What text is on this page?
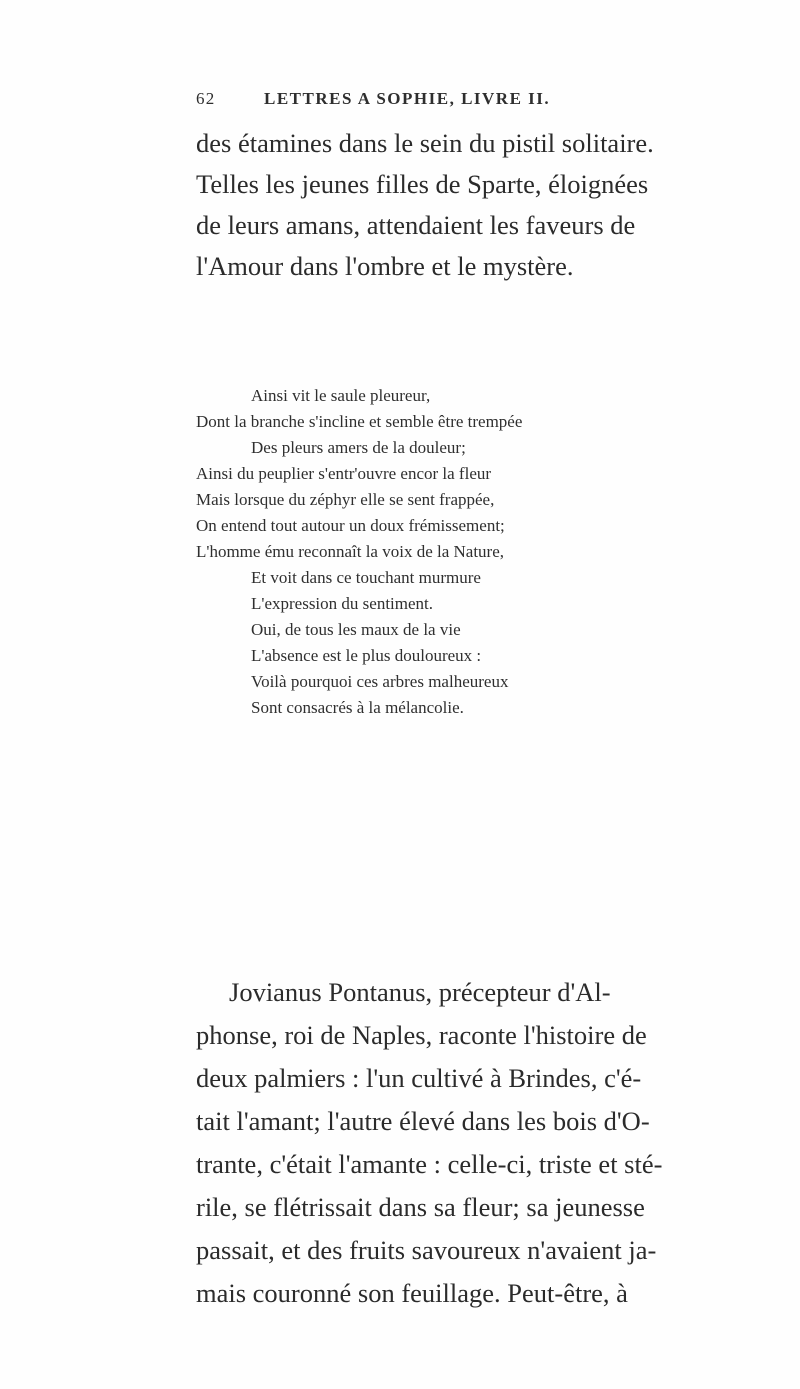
62	LETTRES A SOPHIE, LIVRE II.
des étamines dans le sein du pistil solitaire.
Telles les jeunes filles de Sparte, éloignées
de leurs amans, attendaient les faveurs de
l'Amour dans l'ombre et le mystère.
Ainsi vit le saule pleureur,
Dont la branche s'incline et semble être trempée
Des pleurs amers de la douleur;
Ainsi du peuplier s'entr'ouvre encor la fleur
Mais lorsque du zéphyr elle se sent frappée,
On entend tout autour un doux frémissement;
L'homme ému reconnaît la voix de la Nature,
Et voit dans ce touchant murmure
L'expression du sentiment.
Oui, de tous les maux de la vie
L'absence est le plus douloureux :
Voilà pourquoi ces arbres malheureux
Sont consacrés à la mélancolie.
Jovianus Pontanus, précepteur d'Al-
phonse, roi de Naples, raconte l'histoire de
deux palmiers : l'un cultivé à Brindes, c'é-
tait l'amant; l'autre élevé dans les bois d'O-
trante, c'était l'amante : celle-ci, triste et sté-
rile, se flétrissait dans sa fleur; sa jeunesse
passait, et des fruits savoureux n'avaient ja-
mais couronné son feuillage. Peut-être, à
